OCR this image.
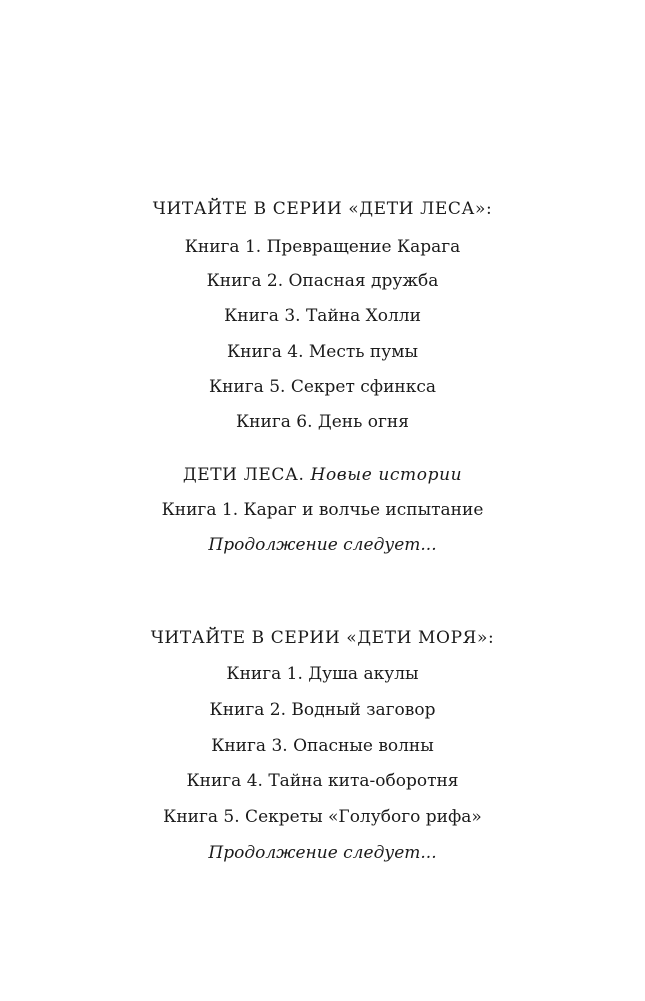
ЧИТАЙТЕ В СЕРИИ «ДЕТИ ЛЕСА»:
Книга 1. Превращение Карага
Книга 2. Опасная дружба
Книга 3. Тайна Холли
Книга 4. Месть пумы
Книга 5. Секрет сфинкса
Книга 6. День огня
ДЕТИ ЛЕСА. Новые истории
Книга 1. Караг и волчье испытание
Продолжение следует...
ЧИТАЙТЕ В СЕРИИ «ДЕТИ МОРЯ»:
Книга 1. Душа акулы
Книга 2. Водный заговор
Книга 3. Опасные волны
Книга 4. Тайна кита-оборотня
Книга 5. Секреты «Голубого рифа»
Продолжение следует...
